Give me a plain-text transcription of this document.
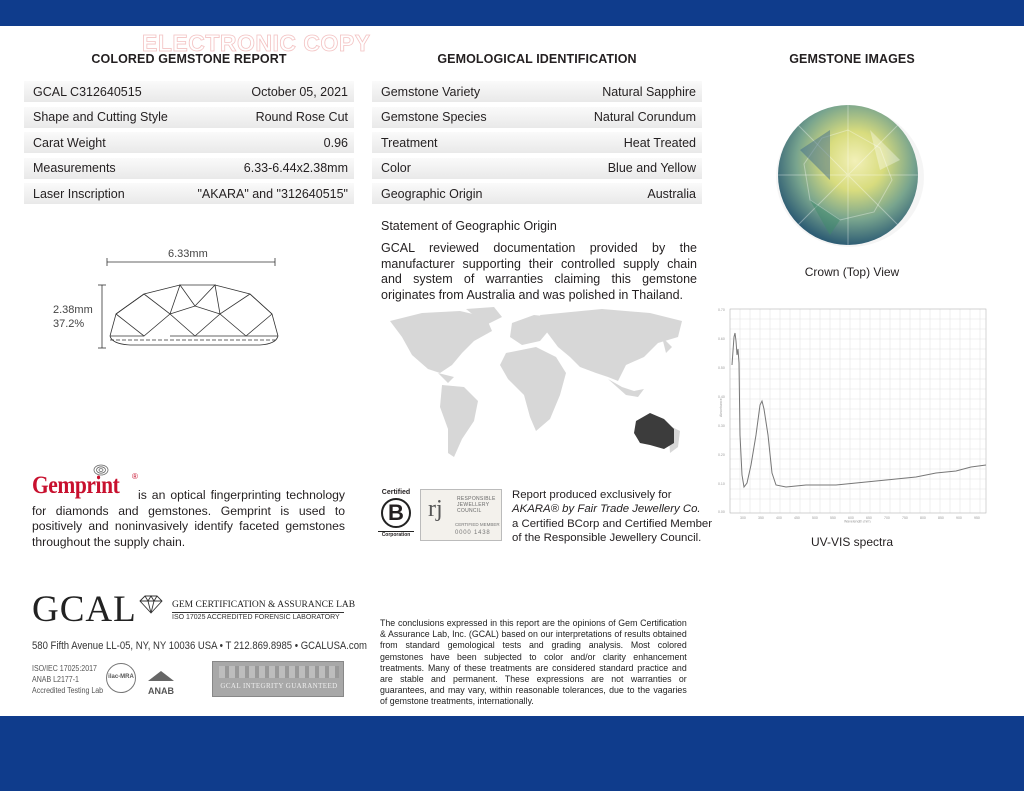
ELECTRONIC COPY
COLORED GEMSTONE REPORT	GEMOLOGICAL IDENTIFICATION	GEMSTONE IMAGES
GCAL C312640515	October 05, 2021
Shape and Cutting Style	Round Rose Cut
Carat Weight	0.96
Measurements	6.33-6.44x2.38mm
Laser Inscription	"AKARA" and "312640515"
Gemstone Variety	Natural Sapphire
Gemstone Species	Natural Corundum
Treatment	Heat Treated
Color	Blue and Yellow
Geographic Origin	Australia
6.33mm
2.38mm
37.2%
Statement of Geographic Origin
GCAL reviewed documentation provided by the manufacturer supporting their controlled supply chain and system of warranties claiming this gemstone originates from Australia and was polished in Thailand.
Crown (Top) View
0.70
0.60
0.50
0.40
0.30
0.20
0.10
0.00
300	350	400	450	500	550	600	650	700	750	800	850	900	950
Wavelength (nm)
Absorbance
UV-VIS spectra
Gemprint ®
is an optical fingerprinting technology for diamonds and gemstones. Gemprint is used to positively and noninvasively identify faceted gemstones throughout the supply chain.
Certified
B
Corporation
rj	RESPONSIBLE JEWELLERY COUNCIL
CERTIFIED MEMBER
0000 1438
Report produced exclusively for
AKARA® by Fair Trade Jewellery Co.
a Certified BCorp and Certified Member
of the Responsible Jewellery Council.
GCAL	GEM CERTIFICATION & ASSURANCE LAB
ISO 17025 ACCREDITED FORENSIC LABORATORY
580 Fifth Avenue LL-05, NY, NY 10036 USA • T 212.869.8985 • GCALUSA.com
ISO/IEC 17025:2017
ANAB L2177-1
Accredited Testing Lab
ilac-MRA
ANAB	GCAL INTEGRITY GUARANTEED
The conclusions expressed in this report are the opinions of Gem Certification & Assurance Lab, Inc. (GCAL) based on our interpretations of results obtained from standard gemological tests and grading analysis. Most colored gemstones have been subjected to color and/or clarity enhancement treatments. Many of these treatments are considered standard practice and are stable and permanent. These expressions are not warranties or guarantees, and may vary, within reasonable tolerances, due to the vagaries of gemstone treatments, internationally.
